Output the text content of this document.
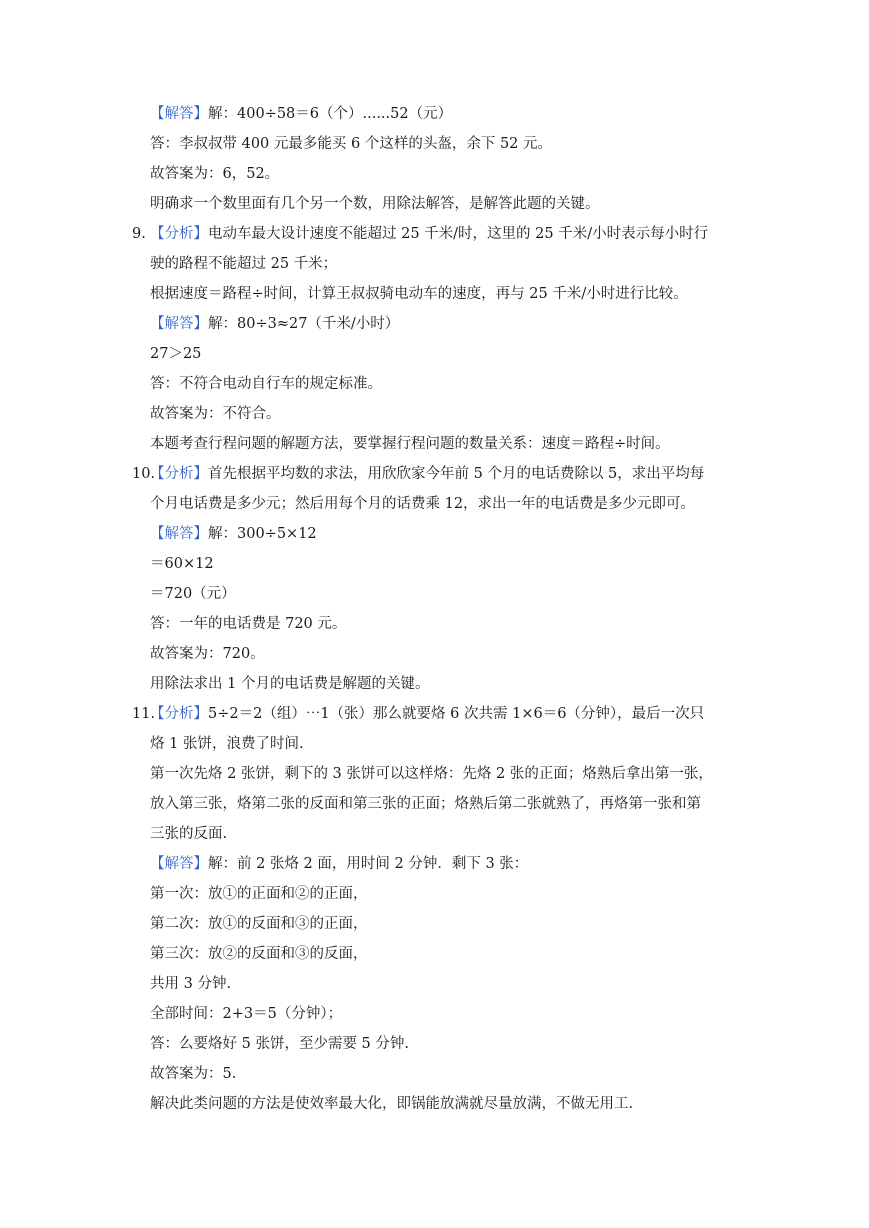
【解答】解：400÷58＝6（个）......52（元）
答：李叔叔带 400 元最多能买 6 个这样的头盔，余下 52 元。
故答案为：6，52。
明确求一个数里面有几个另一个数，用除法解答，是解答此题的关键。
9. 【分析】电动车最大设计速度不能超过 25 千米/时，这里的 25 千米/小时表示每小时行
驶的路程不能超过 25 千米；
根据速度＝路程÷时间，计算王叔叔骑电动车的速度，再与 25 千米/小时进行比较。
【解答】解：80÷3≈27（千米/小时）
27＞25
答：不符合电动自行车的规定标准。
故答案为：不符合。
本题考查行程问题的解题方法，要掌握行程问题的数量关系：速度＝路程÷时间。
10.
【分析】首先根据平均数的求法，用欣欣家今年前 5 个月的电话费除以 5，求出平均每
个月电话费是多少元；然后用每个月的话费乘 12，求出一年的电话费是多少元即可。
【解答】解：300÷5×12
＝60×12
＝720（元）
答：一年的电话费是 720 元。
故答案为：720。
用除法求出 1 个月的电话费是解题的关键。
11.
【分析】5÷2＝2（组）⋯1（张）那么就要烙 6 次共需 1×6＝6（分钟），最后一次只
烙 1 张饼，浪费了时间.
第一次先烙 2 张饼，剩下的 3 张饼可以这样烙：先烙 2 张的正面；烙熟后拿出第一张，
放入第三张，烙第二张的反面和第三张的正面；烙熟后第二张就熟了，再烙第一张和第
三张的反面.
【解答】解：前 2 张烙 2 面，用时间 2 分钟．剩下 3 张：
第一次：放①的正面和②的正面，
第二次：放①的反面和③的正面，
第三次：放②的反面和③的反面，
共用 3 分钟.
全部时间：2+3＝5（分钟）；
答：么要烙好 5 张饼，至少需要 5 分钟.
故答案为：5.
解决此类问题的方法是使效率最大化，即锅能放满就尽量放满，不做无用工.
